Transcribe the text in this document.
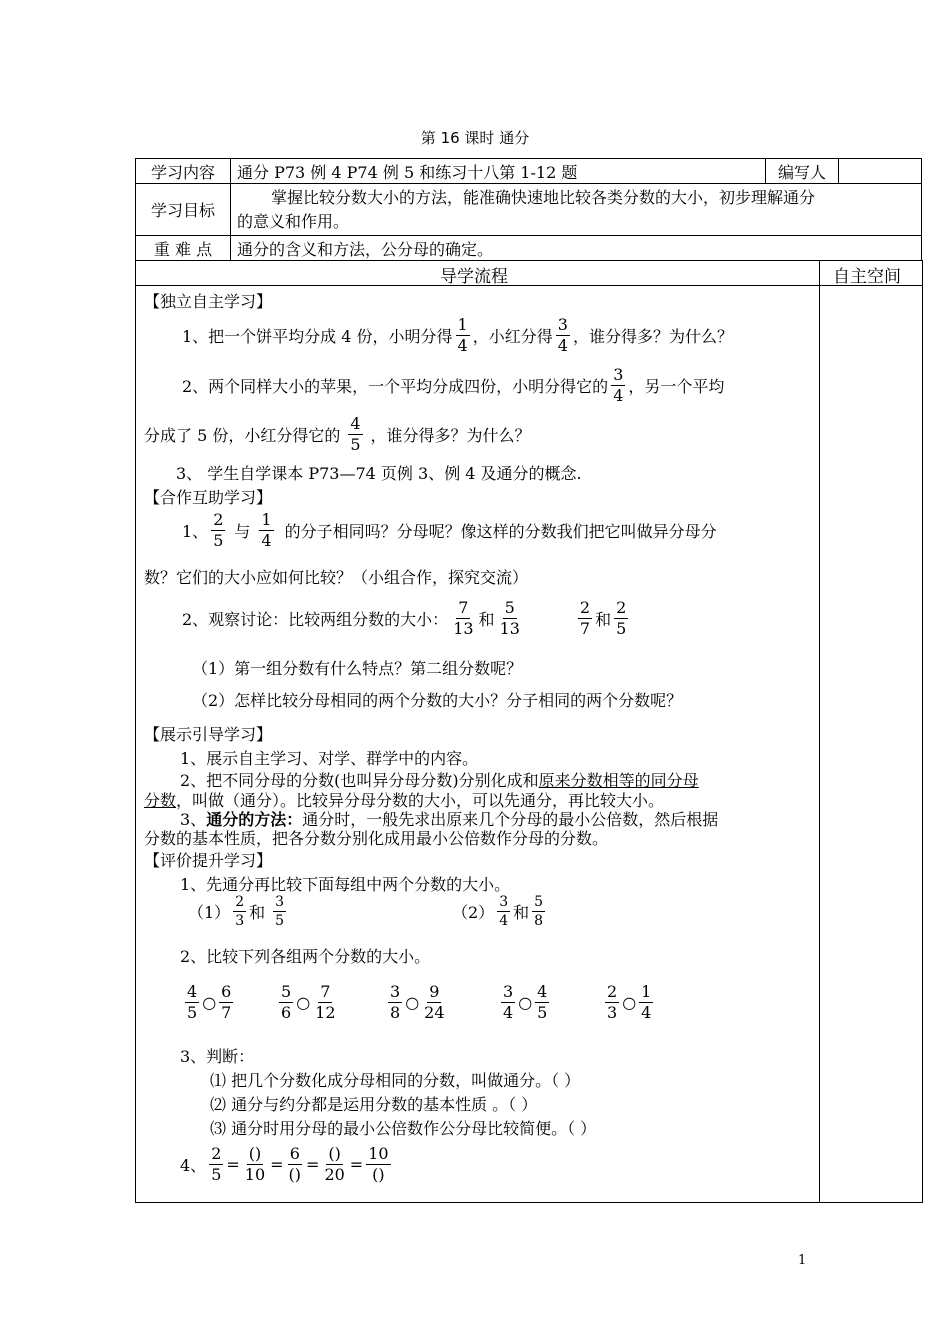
第 16 课时 通分
学习内容	通分 P73 例 4 P74 例 5 和练习十八第 1-12 题	编写人	
学习目标	掌握比较分数大小的方法，能准确快速地比较各类分数的大小，初步理解通分
的意义和作用。		

重 难 点	通分的含义和方法，公分母的确定。		
导学流程	自主空间
【独立自主学习】
1、把一个饼平均分成 4 份，小明分得
1
4 ，小红分得
3
4 ，谁分得多？为什么？
2、两个同样大小的苹果，一个平均分成四份，小明分得它的
3
4 ，另一个平均
分成了 5 份，小红分得它的
4
5 ，谁分得多？为什么？
3、 学生自学课本 P73—74 页例 3、例 4 及通分的概念.
【合作互助学习】
1、
2
5 与
1
4 的分子相同吗？分母呢？像这样的分数我们把它叫做异分母分
数？它们的大小应如何比较？（小组合作，探究交流）
2、观察讨论：比较两组分数的大小：
7
13 和
5
13
2
7 和
2
5
（1）第一组分数有什么特点？第二组分数呢？
（2）怎样比较分母相同的两个分数的大小？分子相同的两个分数呢？
【展示引导学习】
1、展示自主学习、对学、群学中的内容。
2、把不同分母的分数(也叫异分母分数)分别化成和原来分数相等的同分母
分数，叫做（通分）。比较异分母分数的大小，可以先通分，再比较大小。
3、通分的方法：通分时，一般先求出原来几个分母的最小公倍数，然后根据
分数的基本性质，把各分数分别化成用最小公倍数作分母的分数。
【评价提升学习】
1、先通分再比较下面每组中两个分数的大小。
（1）
2
3 和
3
5	（2）
3
4 和
5
8
2、比较下列各组两个分数的大小。
4
5
○
6
7
5
6
○
7
12
3
8
○
9
24
3
4
○
4
5
2
3
○
1
4
3、判断：
⑴ 把几个分数化成分母相同的分数，叫做通分。（ ）
⑵ 通分与约分都是运用分数的基本性质 。（ ）
⑶ 通分时用分母的最小公倍数作公分母比较简便。（ ）
4、 $\frac{2}{5}$ =
()
10
=
6
()
=
()
20
=
10
()
1
